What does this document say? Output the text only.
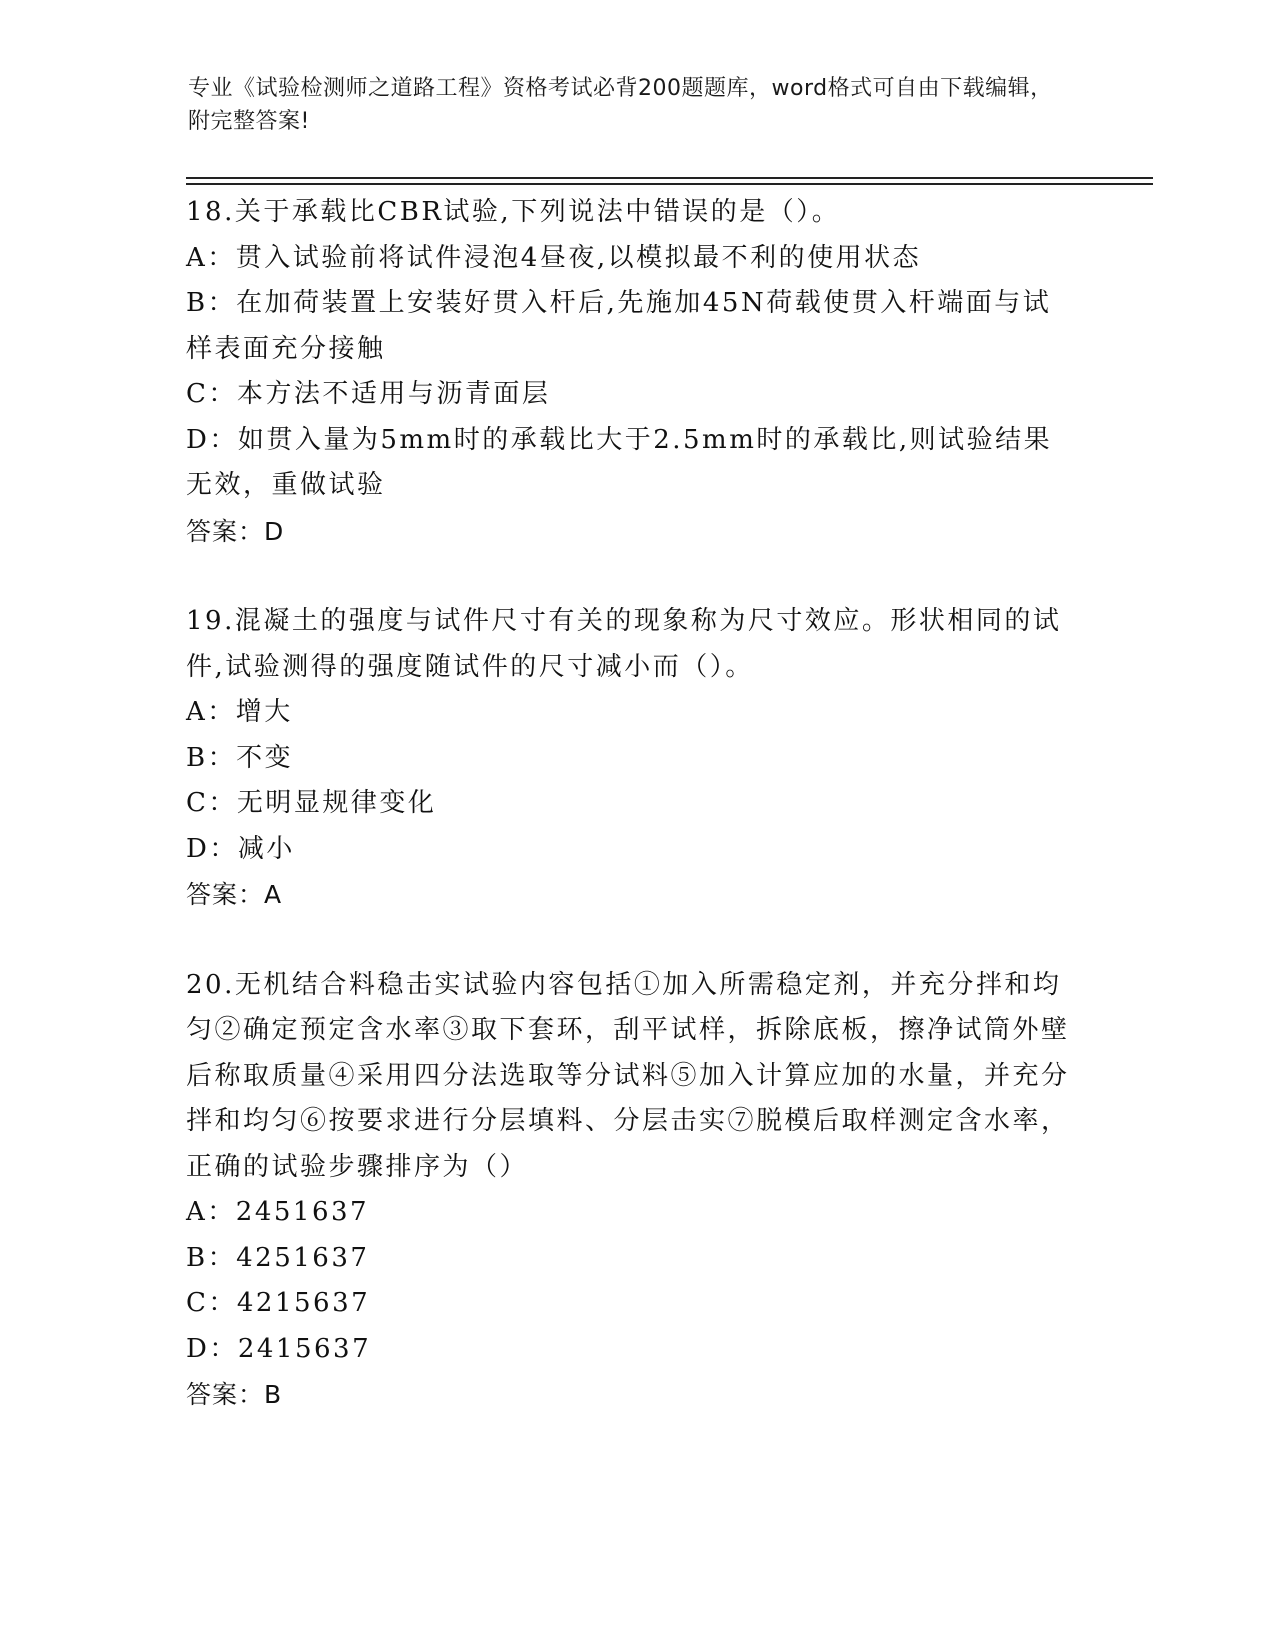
专业《试验检测师之道路工程》资格考试必背200题题库，word格式可自由下载编辑，附完整答案!
18.关于承载比CBR试验,下列说法中错误的是（）。
A：贯入试验前将试件浸泡4昼夜,以模拟最不利的使用状态
B：在加荷装置上安装好贯入杆后,先施加45N荷载使贯入杆端面与试样表面充分接触
C：本方法不适用与沥青面层
D：如贯入量为5mm时的承载比大于2.5mm时的承载比,则试验结果无效，重做试验
答案：D
19.混凝土的强度与试件尺寸有关的现象称为尺寸效应。形状相同的试件,试验测得的强度随试件的尺寸减小而（）。
A：增大
B：不变
C：无明显规律变化
D：减小
答案：A
20.无机结合料稳击实试验内容包括①加入所需稳定剂，并充分拌和均匀②确定预定含水率③取下套环，刮平试样，拆除底板，擦净试筒外壁后称取质量④采用四分法选取等分试料⑤加入计算应加的水量，并充分拌和均匀⑥按要求进行分层填料、分层击实⑦脱模后取样测定含水率，正确的试验步骤排序为（）
A：2451637
B：4251637
C：4215637
D：2415637
答案：B
